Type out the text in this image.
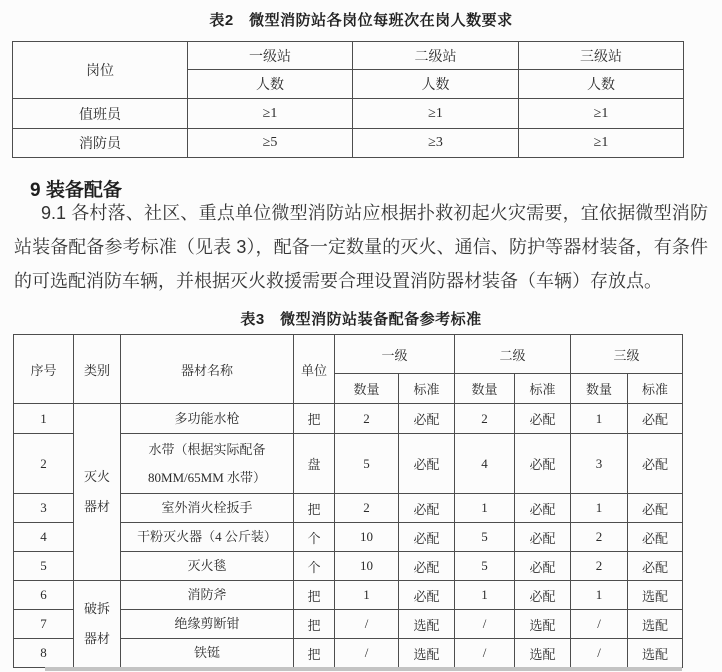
表2　微型消防站各岗位每班次在岗人数要求
岗位	一级站	二级站	三级站
	人数	人数	人数
值班员	≥1	≥1	≥1
消防员	≥5	≥3	≥1
9 装备配备
9.1 各村落、社区、重点单位微型消防站应根据扑救初起火灾需要，宜依据微型消防站装备配备参考标准（见表 3），配备一定数量的灭火、通信、防护等器材装备，有条件的可选配消防车辆，并根据灭火救援需要合理设置消防器材装备（车辆）存放点。
表3　微型消防站装备配备参考标准
序号	类别	器材名称	单位	一级		二级		三级	
				数量	标准	数量	标准	数量	标准
1	灭火器材	多功能水枪	把	2	必配	2	必配	1	必配
2		水带（根据实际配备
80MM/65MM 水带）	盘	5	必配	4	必配	3	必配
3		室外消火栓扳手	把	2	必配	1	必配	1	必配
4		干粉灭火器（4 公斤装）	个	10	必配	5	必配	2	必配
5		灭火毯	个	10	必配	5	必配	2	必配
6	破拆器材	消防斧	把	1	必配	1	必配	1	选配
7		绝缘剪断钳	把	/	选配	/	选配	/	选配
8		铁铤	把	/	选配	/	选配	/	选配
